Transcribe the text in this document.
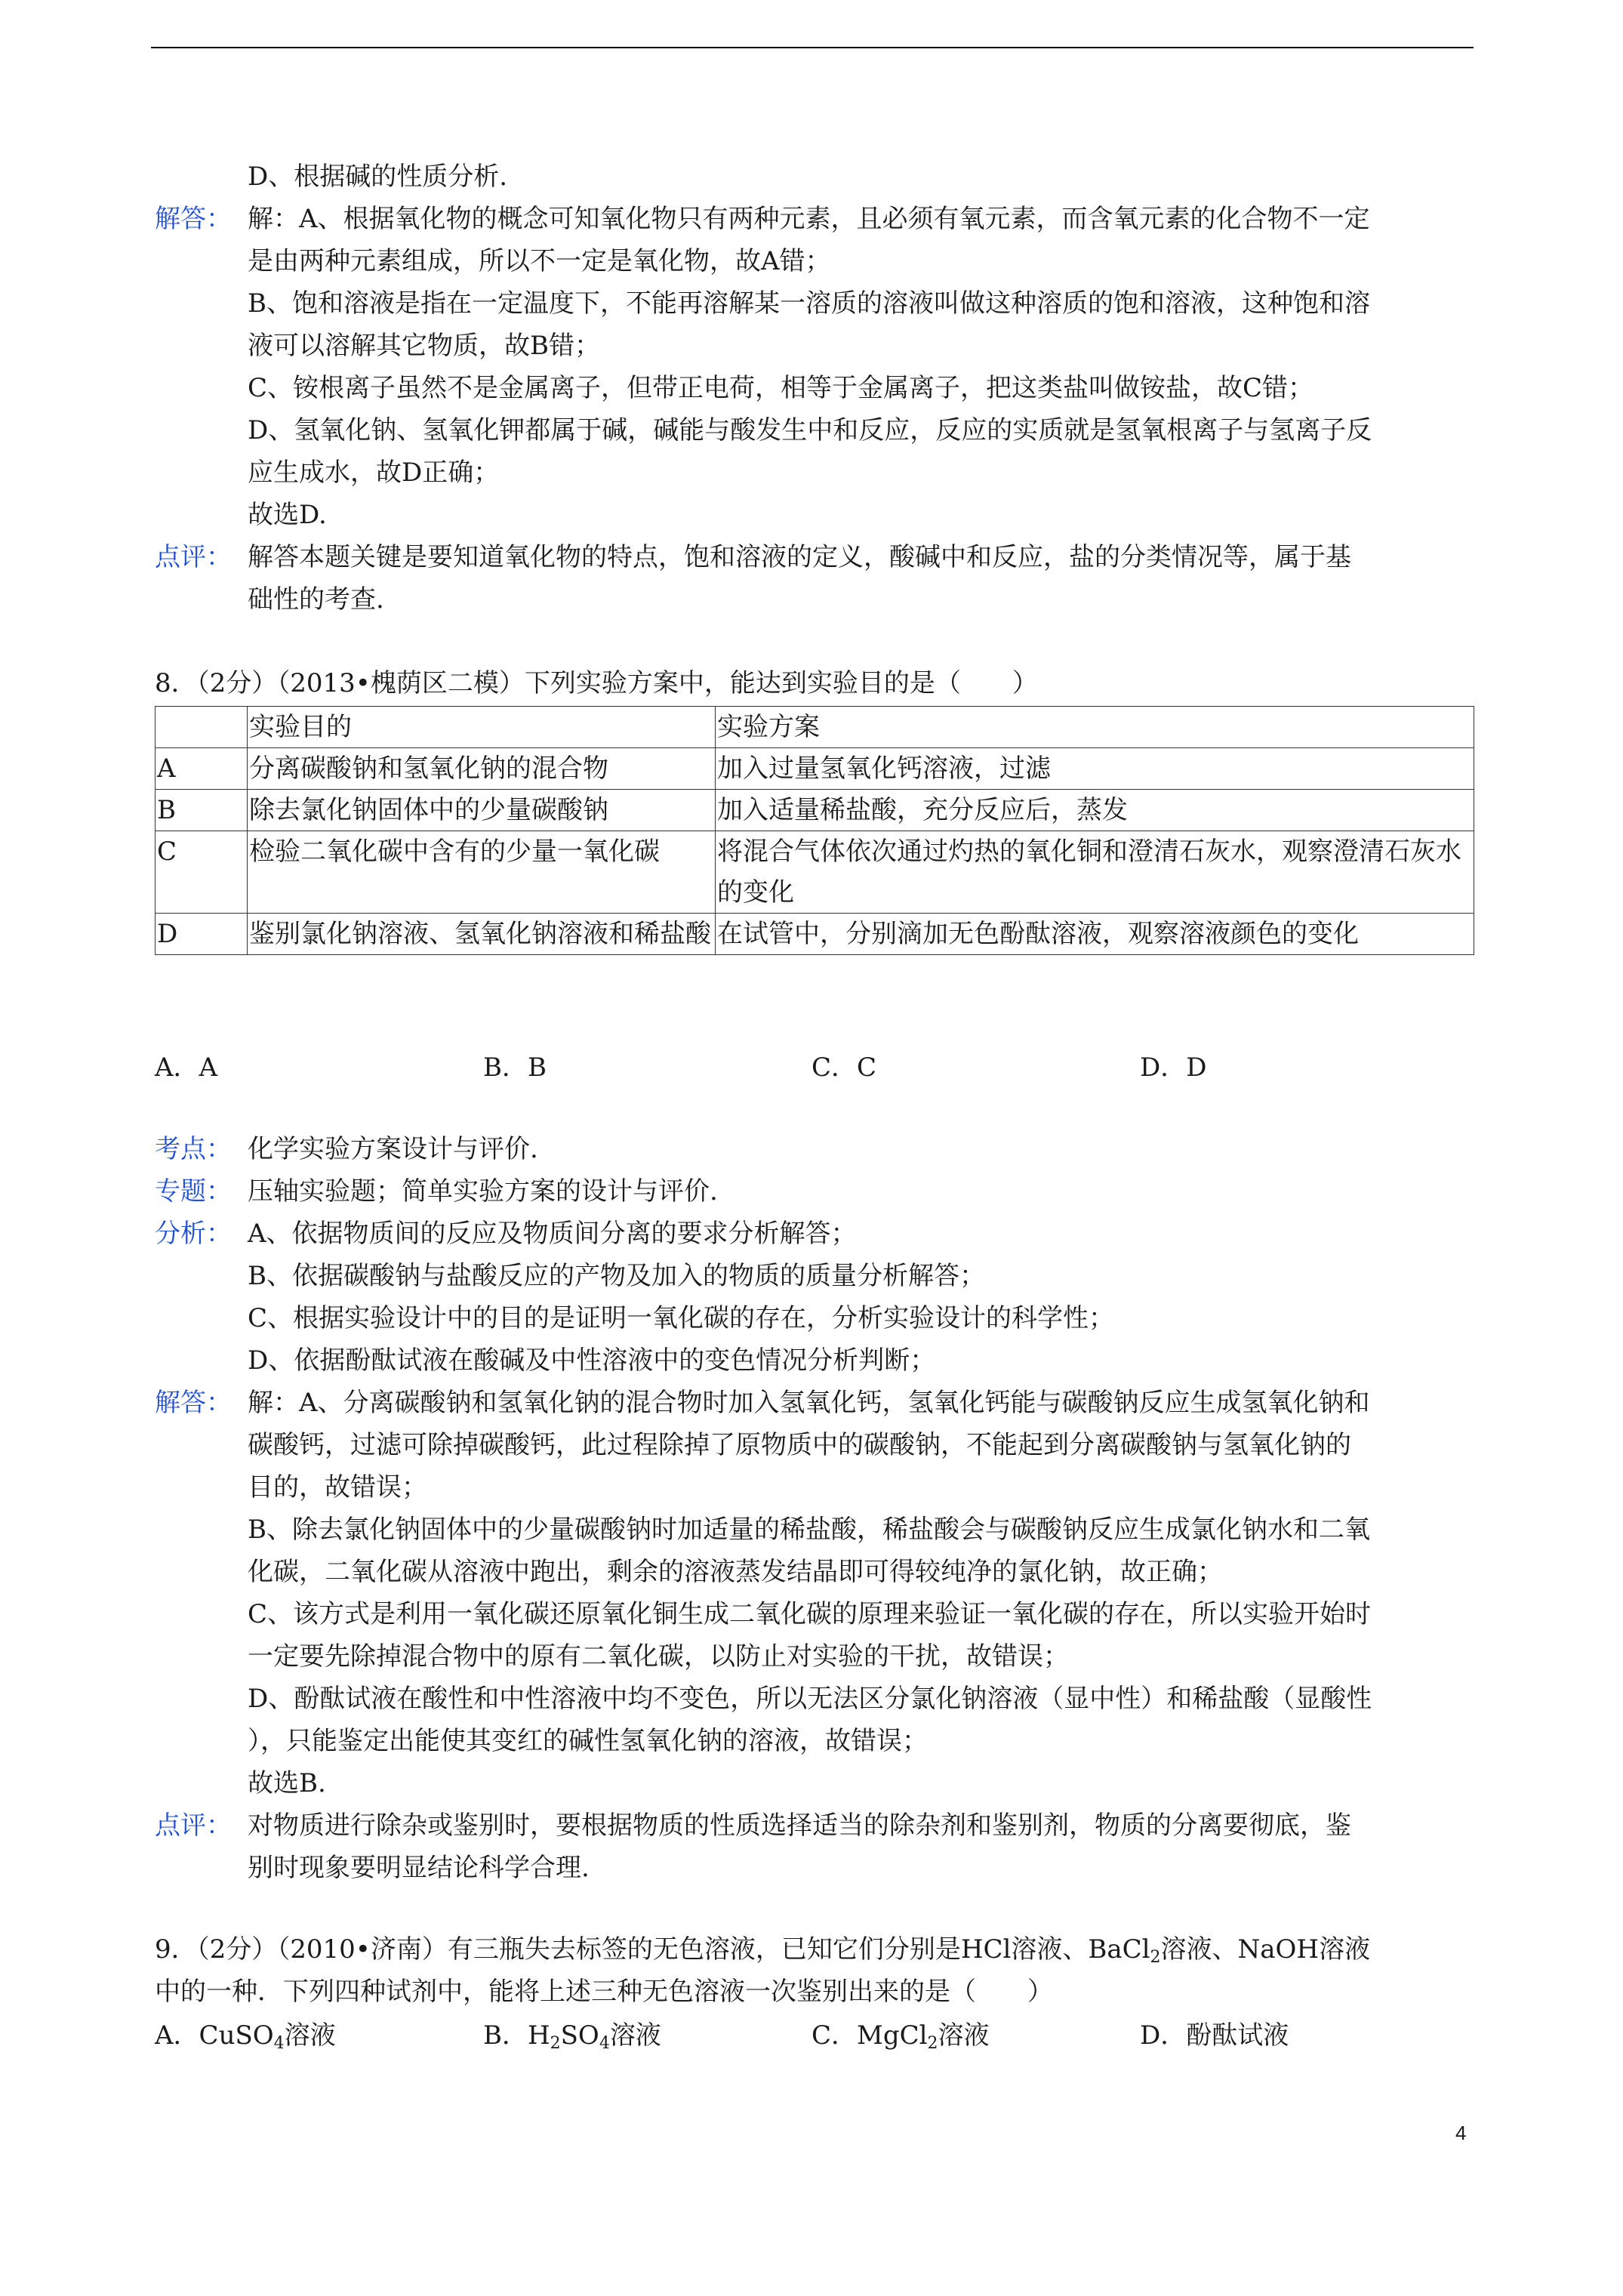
D、根据碱的性质分析.
解答： 解：A、根据氧化物的概念可知氧化物只有两种元素，且必须有氧元素，而含氧元素的化合物不一定
是由两种元素组成，所以不一定是氧化物，故A错；
B、饱和溶液是指在一定温度下，不能再溶解某一溶质的溶液叫做这种溶质的饱和溶液，这种饱和溶
液可以溶解其它物质，故B错；
C、铵根离子虽然不是金属离子，但带正电荷，相等于金属离子，把这类盐叫做铵盐，故C错；
D、氢氧化钠、氢氧化钾都属于碱，碱能与酸发生中和反应，反应的实质就是氢氧根离子与氢离子反
应生成水，故D正确；
故选D.
点评： 解答本题关键是要知道氧化物的特点，饱和溶液的定义，酸碱中和反应，盐的分类情况等，属于基
础性的考查.
8．（2分）（2013•槐荫区二模）下列实验方案中，能达到实验目的是（　　）
	实验目的	实验方案
A	分离碳酸钠和氢氧化钠的混合物	加入过量氢氧化钙溶液，过滤
B	除去氯化钠固体中的少量碳酸钠	加入适量稀盐酸，充分反应后，蒸发
C	检验二氧化碳中含有的少量一氧化碳	将混合气体依次通过灼热的氧化铜和澄清石灰水，观察澄清石灰水的变化
D	鉴别氯化钠溶液、氢氧化钠溶液和稀盐酸	在试管中，分别滴加无色酚酞溶液，观察溶液颜色的变化
A．A	B．B	C．C	D．D
考点： 化学实验方案设计与评价.
专题： 压轴实验题；简单实验方案的设计与评价.
分析： A、依据物质间的反应及物质间分离的要求分析解答；
B、依据碳酸钠与盐酸反应的产物及加入的物质的质量分析解答；
C、根据实验设计中的目的是证明一氧化碳的存在，分析实验设计的科学性；
D、依据酚酞试液在酸碱及中性溶液中的变色情况分析判断；
解答： 解：A、分离碳酸钠和氢氧化钠的混合物时加入氢氧化钙，氢氧化钙能与碳酸钠反应生成氢氧化钠和
碳酸钙，过滤可除掉碳酸钙，此过程除掉了原物质中的碳酸钠，不能起到分离碳酸钠与氢氧化钠的
目的，故错误；
B、除去氯化钠固体中的少量碳酸钠时加适量的稀盐酸，稀盐酸会与碳酸钠反应生成氯化钠水和二氧
化碳，二氧化碳从溶液中跑出，剩余的溶液蒸发结晶即可得较纯净的氯化钠，故正确；
C、该方式是利用一氧化碳还原氧化铜生成二氧化碳的原理来验证一氧化碳的存在，所以实验开始时
一定要先除掉混合物中的原有二氧化碳，以防止对实验的干扰，故错误；
D、酚酞试液在酸性和中性溶液中均不变色，所以无法区分氯化钠溶液（显中性）和稀盐酸（显酸性
），只能鉴定出能使其变红的碱性氢氧化钠的溶液，故错误；
故选B.
点评： 对物质进行除杂或鉴别时，要根据物质的性质选择适当的除杂剂和鉴别剂，物质的分离要彻底，鉴
别时现象要明显结论科学合理.
9．（2分）（2010•济南）有三瓶失去标签的无色溶液，已知它们分别是HCl溶液、BaCl$_2$溶液、NaOH溶液
中的一种．下列四种试剂中，能将上述三种无色溶液一次鉴别出来的是（　　）
A．CuSO$_4$溶液	B．$H_2SO_4$溶液	C．MgCl$_2$溶液	D．酚酞试液
4
